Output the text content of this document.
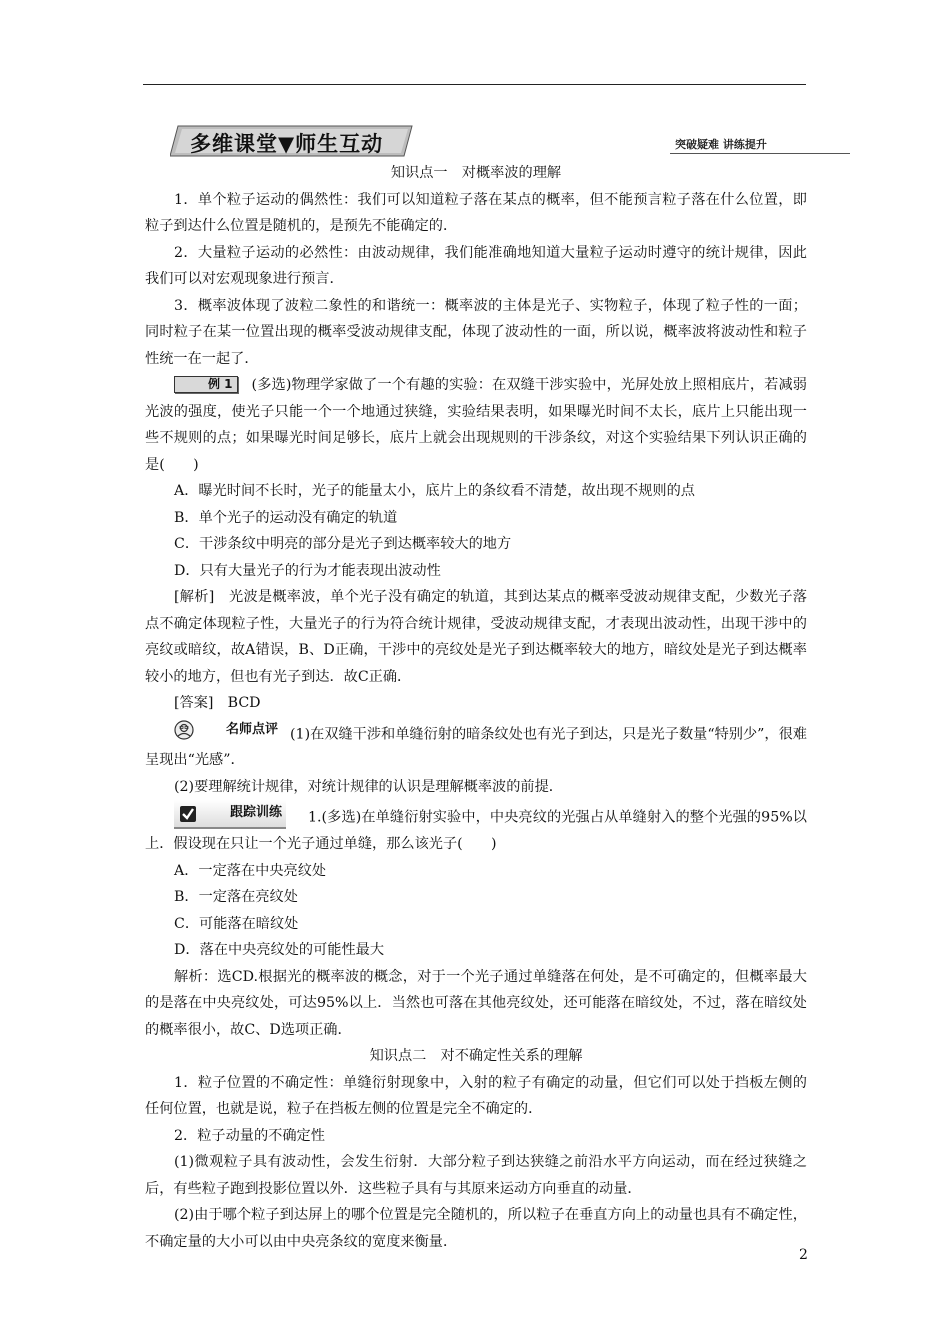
多维课堂▼师生互动	突破疑难 讲练提升

知识点一　对概率波的理解

1．单个粒子运动的偶然性：我们可以知道粒子落在某点的概率，但不能预言粒子落在什么位置，即粒子到达什么位置是随机的，是预先不能确定的．

2．大量粒子运动的必然性：由波动规律，我们能准确地知道大量粒子运动时遵守的统计规律，因此我们可以对宏观现象进行预言．

3．概率波体现了波粒二象性的和谐统一：概率波的主体是光子、实物粒子，体现了粒子性的一面；同时粒子在某一位置出现的概率受波动规律支配，体现了波动性的一面，所以说，概率波将波动性和粒子性统一在一起了．

例 1 (多选)物理学家做了一个有趣的实验：在双缝干涉实验中，光屏处放上照相底片，若减弱光波的强度，使光子只能一个一个地通过狭缝，实验结果表明，如果曝光时间不太长，底片上只能出现一些不规则的点；如果曝光时间足够长，底片上就会出现规则的干涉条纹，对这个实验结果下列认识正确的是(　　)

A．曝光时间不长时，光子的能量太小，底片上的条纹看不清楚，故出现不规则的点

B．单个光子的运动没有确定的轨道

C．干涉条纹中明亮的部分是光子到达概率较大的地方

D．只有大量光子的行为才能表现出波动性

[解析]　光波是概率波，单个光子没有确定的轨道，其到达某点的概率受波动规律支配，少数光子落点不确定体现粒子性，大量光子的行为符合统计规律，受波动规律支配，才表现出波动性，出现干涉中的亮纹或暗纹，故A错误，B、D正确，干涉中的亮纹处是光子到达概率较大的地方，暗纹处是光子到达概率较小的地方，但也有光子到达．故C正确．

[答案]　BCD

名师点评 (1)在双缝干涉和单缝衍射的暗条纹处也有光子到达，只是光子数量“特别少”，很难呈现出“光感”．

(2)要理解统计规律，对统计规律的认识是理解概率波的前提．

跟踪训练 1.(多选)在单缝衍射实验中，中央亮纹的光强占从单缝射入的整个光强的95%以上．假设现在只让一个光子通过单缝，那么该光子(　　)

A．一定落在中央亮纹处

B．一定落在亮纹处

C．可能落在暗纹处

D．落在中央亮纹处的可能性最大

解析：选CD.根据光的概率波的概念，对于一个光子通过单缝落在何处，是不可确定的，但概率最大的是落在中央亮纹处，可达95%以上．当然也可落在其他亮纹处，还可能落在暗纹处，不过，落在暗纹处的概率很小，故C、D选项正确．

知识点二　对不确定性关系的理解

1．粒子位置的不确定性：单缝衍射现象中，入射的粒子有确定的动量，但它们可以处于挡板左侧的任何位置，也就是说，粒子在挡板左侧的位置是完全不确定的．

2．粒子动量的不确定性

(1)微观粒子具有波动性，会发生衍射．大部分粒子到达狭缝之前沿水平方向运动，而在经过狭缝之后，有些粒子跑到投影位置以外．这些粒子具有与其原来运动方向垂直的动量．

(2)由于哪个粒子到达屏上的哪个位置是完全随机的，所以粒子在垂直方向上的动量也具有不确定性，不确定量的大小可以由中央亮条纹的宽度来衡量．

2
